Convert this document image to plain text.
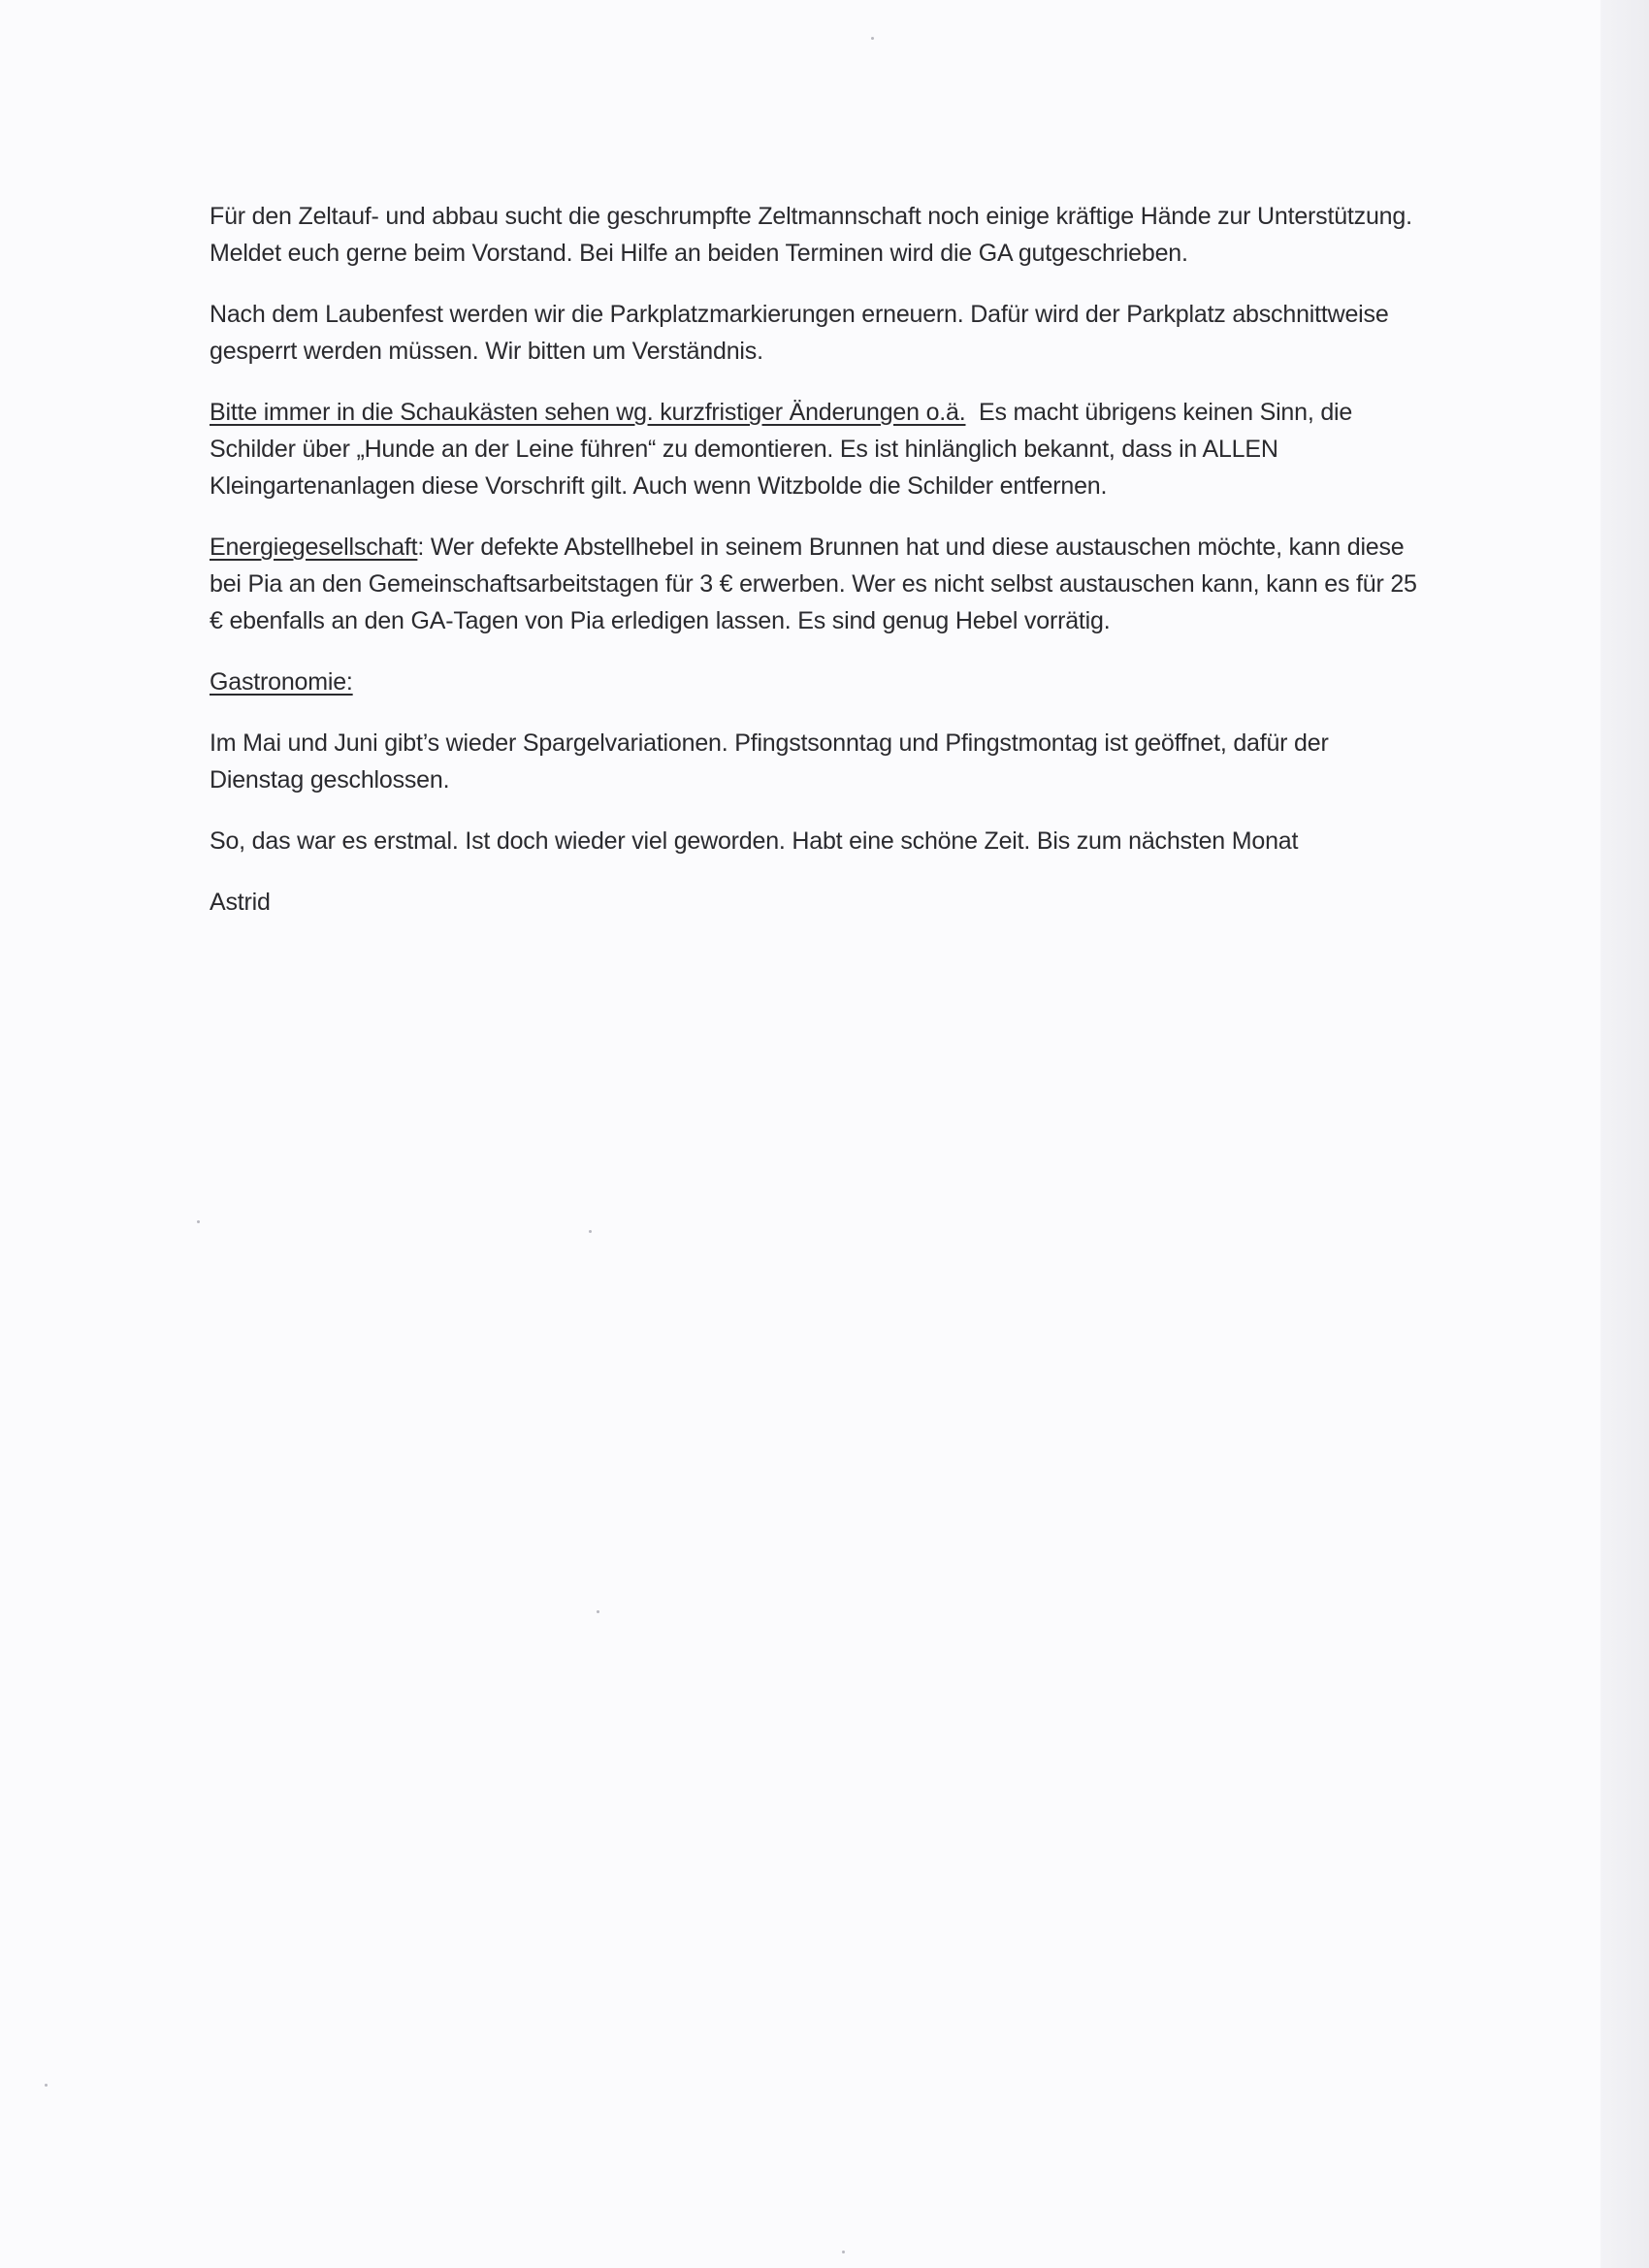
Für den Zeltauf- und abbau sucht die geschrumpfte Zeltmannschaft noch einige kräftige Hände zur Unterstützung. Meldet euch gerne beim Vorstand. Bei Hilfe an beiden Terminen wird die GA gutgeschrieben.

Nach dem Laubenfest werden wir die Parkplatzmarkierungen erneuern. Dafür wird der Parkplatz abschnittweise gesperrt werden müssen. Wir bitten um Verständnis.

Bitte immer in die Schaukästen sehen wg. kurzfristiger Änderungen o.ä. Es macht übrigens keinen Sinn, die Schilder über „Hunde an der Leine führen“ zu demontieren. Es ist hinlänglich bekannt, dass in ALLEN Kleingartenanlagen diese Vorschrift gilt. Auch wenn Witzbolde die Schilder entfernen.

Energiegesellschaft: Wer defekte Abstellhebel in seinem Brunnen hat und diese austauschen möchte, kann diese bei Pia an den Gemeinschaftsarbeitstagen für 3 € erwerben. Wer es nicht selbst austauschen kann, kann es für 25 € ebenfalls an den GA-Tagen von Pia erledigen lassen. Es sind genug Hebel vorrätig.

Gastronomie:

Im Mai und Juni gibt’s wieder Spargelvariationen. Pfingstsonntag und Pfingstmontag ist geöffnet, dafür der Dienstag geschlossen.

So, das war es erstmal. Ist doch wieder viel geworden. Habt eine schöne Zeit. Bis zum nächsten Monat

Astrid
